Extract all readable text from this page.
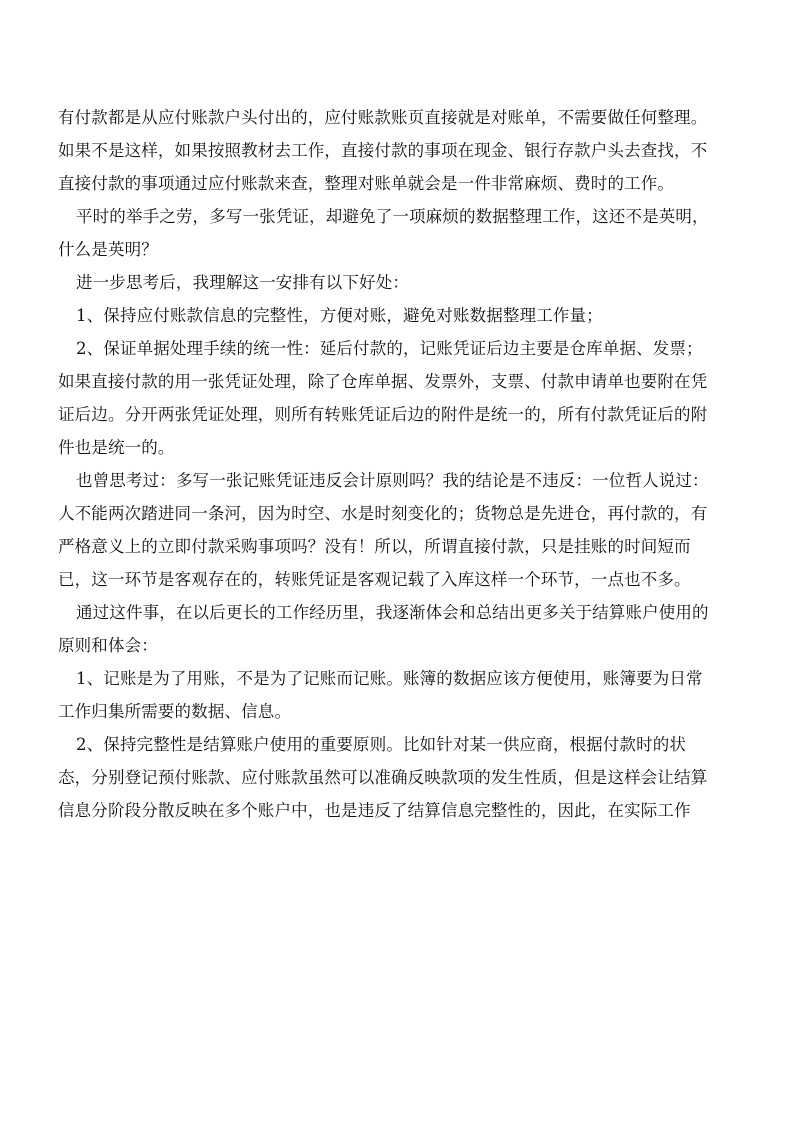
有付款都是从应付账款户头付出的，应付账款账页直接就是对账单，不需要做任何整理。
如果不是这样，如果按照教材去工作，直接付款的事项在现金、银行存款户头去查找，不
直接付款的事项通过应付账款来查，整理对账单就会是一件非常麻烦、费时的工作。
平时的举手之劳，多写一张凭证，却避免了一项麻烦的数据整理工作，这还不是英明，
什么是英明？
进一步思考后，我理解这一安排有以下好处：
1、保持应付账款信息的完整性，方便对账，避免对账数据整理工作量；
2、保证单据处理手续的统一性：延后付款的，记账凭证后边主要是仓库单据、发票；
如果直接付款的用一张凭证处理，除了仓库单据、发票外，支票、付款申请单也要附在凭
证后边。分开两张凭证处理，则所有转账凭证后边的附件是统一的，所有付款凭证后的附
件也是统一的。
也曾思考过：多写一张记账凭证违反会计原则吗？我的结论是不违反：一位哲人说过：
人不能两次踏进同一条河，因为时空、水是时刻变化的；货物总是先进仓，再付款的，有
严格意义上的立即付款采购事项吗？没有！所以，所谓直接付款，只是挂账的时间短而
已，这一环节是客观存在的，转账凭证是客观记载了入库这样一个环节，一点也不多。
通过这件事，在以后更长的工作经历里，我逐渐体会和总结出更多关于结算账户使用的
原则和体会：
1、记账是为了用账，不是为了记账而记账。账簿的数据应该方便使用，账簿要为日常
工作归集所需要的数据、信息。
2、保持完整性是结算账户使用的重要原则。比如针对某一供应商，根据付款时的状
态，分别登记预付账款、应付账款虽然可以准确反映款项的发生性质，但是这样会让结算
信息分阶段分散反映在多个账户中，也是违反了结算信息完整性的，因此，在实际工作
